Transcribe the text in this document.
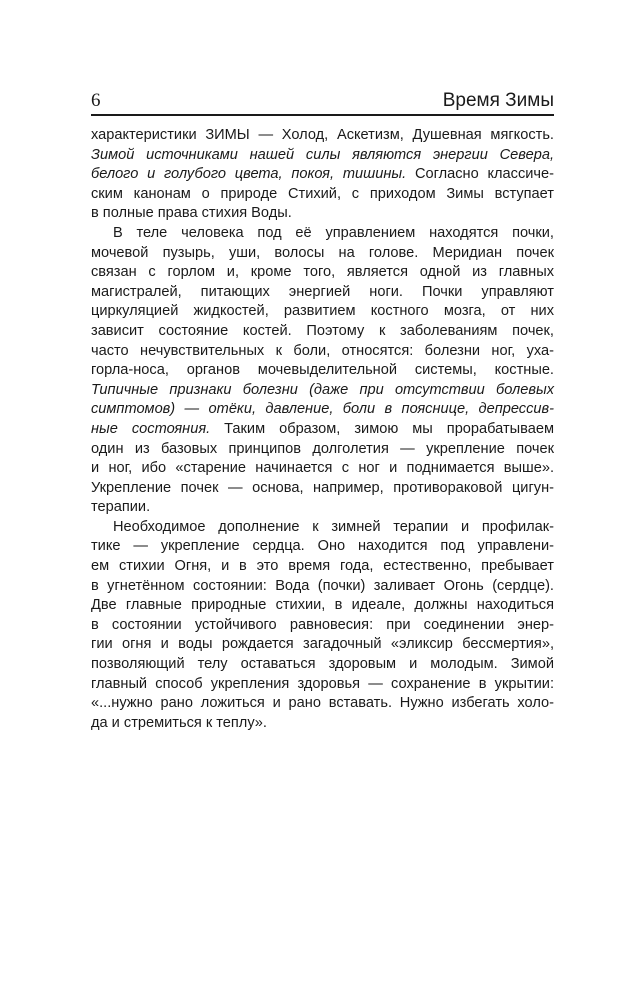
6	Время Зимы
характеристики ЗИМЫ — Холод, Аскетизм, Душевная мягкость.
Зимой источниками нашей силы являются энергии Севера,
белого и голубого цвета, покоя, тишины. Согласно классиче-
ским канонам о природе Стихий, с приходом Зимы вступает
в полные права стихия Воды.
В теле человека под её управлением находятся почки,
мочевой пузырь, уши, волосы на голове. Меридиан почек
связан с горлом и, кроме того, является одной из главных
магистралей, питающих энергией ноги. Почки управляют
циркуляцией жидкостей, развитием костного мозга, от них
зависит состояние костей. Поэтому к заболеваниям почек,
часто нечувствительных к боли, относятся: болезни ног, уха-
горла-носа, органов мочевыделительной системы, костные.
Типичные признаки болезни (даже при отсутствии болевых
симптомов) — отёки, давление, боли в пояснице, депрессив-
ные состояния. Таким образом, зимою мы прорабатываем
один из базовых принципов долголетия — укрепление почек
и ног, ибо «старение начинается с ног и поднимается выше».
Укрепление почек — основа, например, противораковой цигун-
терапии.
Необходимое дополнение к зимней терапии и профилак-
тике — укрепление сердца. Оно находится под управлени-
ем стихии Огня, и в это время года, естественно, пребывает
в угнетённом состоянии: Вода (почки) заливает Огонь (сердце).
Две главные природные стихии, в идеале, должны находиться
в состоянии устойчивого равновесия: при соединении энер-
гии огня и воды рождается загадочный «эликсир бессмертия»,
позволяющий телу оставаться здоровым и молодым. Зимой
главный способ укрепления здоровья — сохранение в укрытии:
«...нужно рано ложиться и рано вставать. Нужно избегать холо-
да и стремиться к теплу».
